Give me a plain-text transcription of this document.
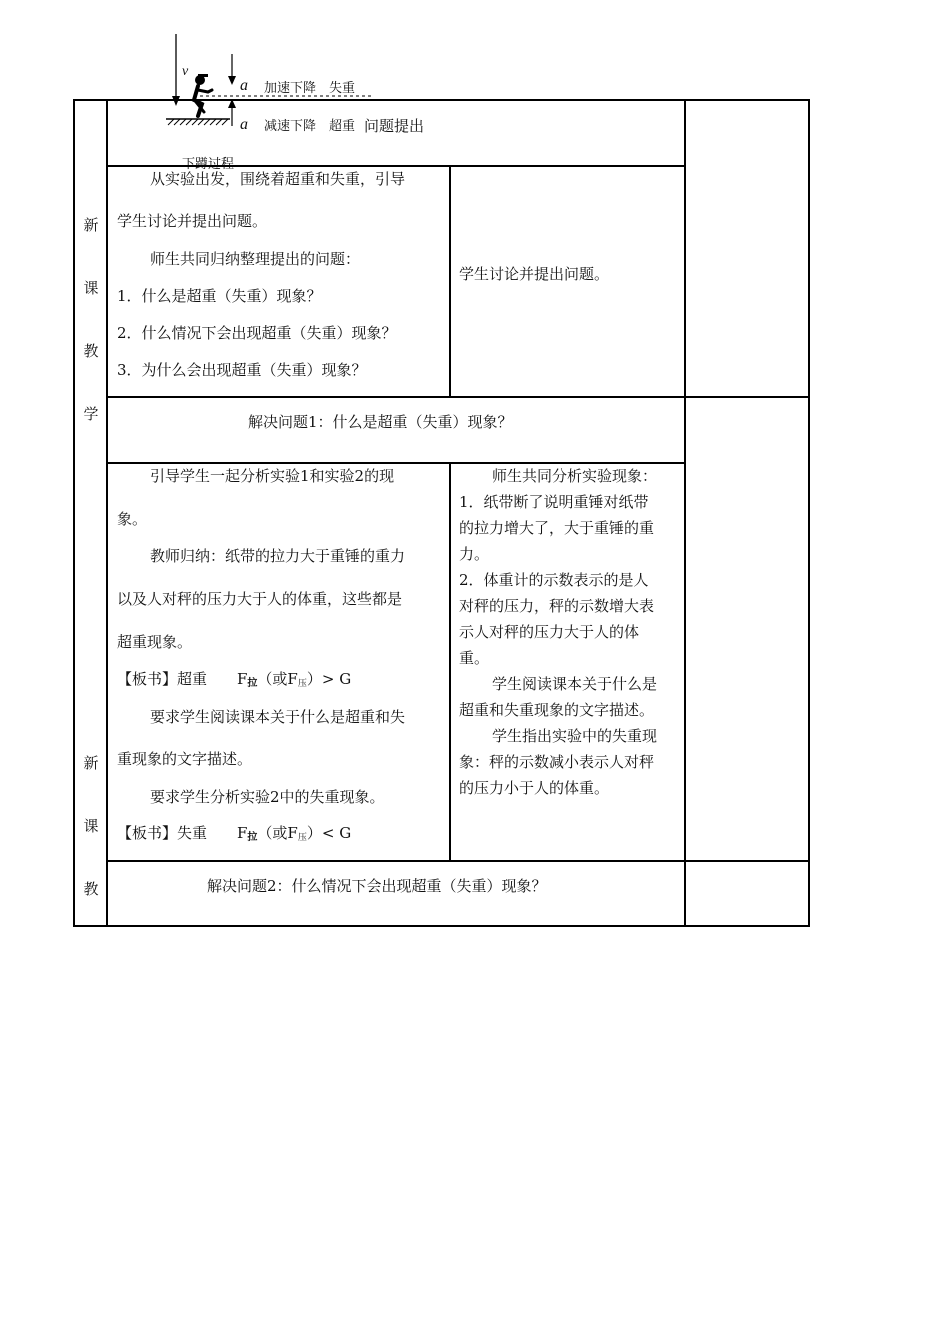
v
a
a
加速下降　失重
减速下降　超重
新
课
教
学
新
课
教
问题提出
从实验出发，围绕着超重和失重，引导
学生讨论并提出问题。
师生共同归纳整理提出的问题：
1．什么是超重（失重）现象？
2．什么情况下会出现超重（失重）现象？
3．为什么会出现超重（失重）现象？
学生讨论并提出问题。
解决问题1：什么是超重（失重）现象？
引导学生一起分析实验1和实验2的现
象。
教师归纳：纸带的拉力大于重锤的重力
以及人对秤的压力大于人的体重，这些都是
超重现象。
【板书】超重　　F拉（或$F_压)> G$
要求学生阅读课本关于什么是超重和失
重现象的文字描述。
要求学生分析实验2中的失重现象。
【板书】失重　　F拉（或$F_压)< G$
师生共同分析实验现象：
1．纸带断了说明重锤对纸带
的拉力增大了，大于重锤的重
力。
2．体重计的示数表示的是人
对秤的压力，秤的示数增大表
示人对秤的压力大于人的体
重。
学生阅读课本关于什么是
超重和失重现象的文字描述。
学生指出实验中的失重现
象：秤的示数减小表示人对秤
的压力小于人的体重。
解决问题2：什么情况下会出现超重（失重）现象？
